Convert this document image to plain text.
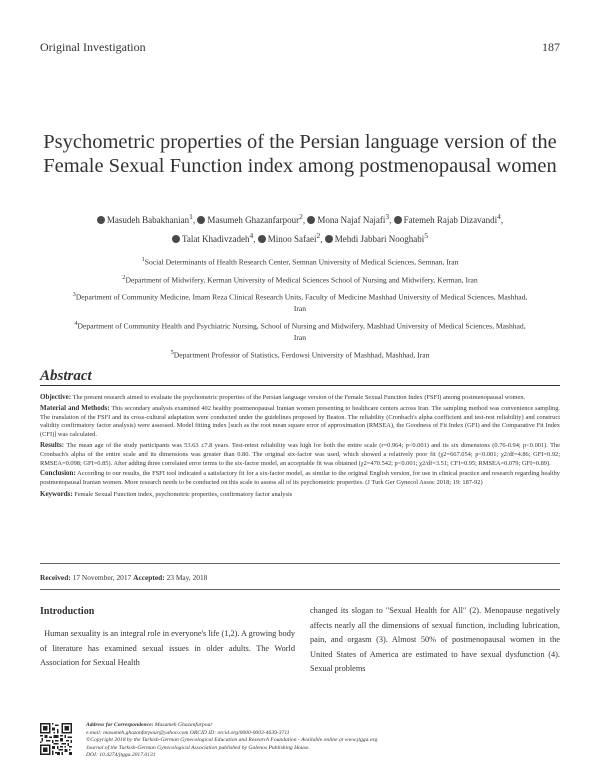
Original Investigation	187
Psychometric properties of the Persian language version of the Female Sexual Function index among postmenopausal women
Masudeh Babakhanian$^1$, Masumeh Ghazanfarpour$^2$, Mona Najaf Najafi$^3$, Fatemeh Rajab Dizavandi$^4$,
Talat Khadivzadeh$^4$, Minoo Safaei$^2$, Mehdi Jabbari Nooghabi$^5$
$^1$Social Determinants of Health Research Center, Semnan University of Medical Sciences, Semnan, Iran
$^2$Department of Midwifery, Kerman University of Medical Sciences School of Nursing and Midwifery, Kerman, Iran
$^3$Department of Community Medicine, Imam Reza Clinical Research Units, Faculty of Medicine Mashhad University of Medical Sciences, Mashhad, Iran
$^4$Department of Community Health and Psychiatric Nursing, School of Nursing and Midwifery, Mashhad University of Medical Sciences, Mashhad, Iran
$^5$Department Professor of Statistics, Ferdowsi University of Mashhad, Mashhad, Iran
Abstract

Objective: The present research aimed to evaluate the psychometric properties of the Persian language version of the Female Sexual Function Index (FSFI) among postmenopausal women.

Material and Methods: This secondary analysis examined 402 healthy postmenopausal Iranian women presenting to healthcare centers across Iran. The sampling method was convenience sampling. The translation of the FSFI and its cross-cultural adaptation were conducted under the guidelines proposed by Beaton. The reliability (Cronbach's alpha coefficient and test-rest reliability) and construct validity confirmatory factor analysis) were assessed. Model fitting index [such as the root mean square error of approximation (RMSEA), the Goodness of Fit Index (GFI) and the Comparative Fit Index (CFI)] was calculated.

Results: The mean age of the study participants was 53.63 ±7.8 years. Test-retest reliability was high for both the entire scale (r=0.964; p<0.001) and its six dimensions (0.76-0.94; p<0.001). The Cronbach's alpha of the entire scale and its dimensions was greater than 0.80. The original six-factor was used, which showed a relatively poor fit (χ2=667.054; p<0.001; χ2/df=4.86; GFI=0.92; RMSEA=0.098; GFI=0.85). After adding three correlated error terms to the six-factor model, an acceptable fit was obtained (χ2=470.542; p<0.001; χ2/df=3.51; CFI=0.95; RMSEA=0.079; GFI=0.89).

Conclusion: According to our results, the FSFI tool indicated a satisfactory fit for a six-factor model, as similar to the original English version, for use in clinical practice and research regarding healthy postmenopausal Iranian women. More research needs to be conducted on this scale to assess all of its psychometric properties. (J Turk Ger Gynecol Assoc 2018; 19: 187-92)

Keywords: Female Sexual Function index, psychometric properties, confirmatory factor analysis

Received: 17 November, 2017 Accepted: 23 May, 2018
Introduction
Human sexuality is an integral role in everyone's life (1,2). A growing body of literature has examined sexual issues in older adults. The World Association for Sexual Health
changed its slogan to "Sexual Health for All" (2). Menopause negatively affects nearly all the dimensions of sexual function, including lubrication, pain, and orgasm (3). Almost 50% of postmenopausal women in the United States of America are estimated to have sexual dysfunction (4). Sexual problems
Address for Correspondence: Masumeh Ghazanfarpour
e.mail: masumeh.ghazanfarpour@yahoo.com ORCID ID: orcid.org/0000-0003-4639-3711
©Copyright 2018 by the Turkish-German Gynecological Education and Research Foundation - Available online at www.jtgga.org
Journal of the Turkish-German Gynecological Association published by Galenos Publishing House.
DOI: 10.4274/jtgga.2017.0131
